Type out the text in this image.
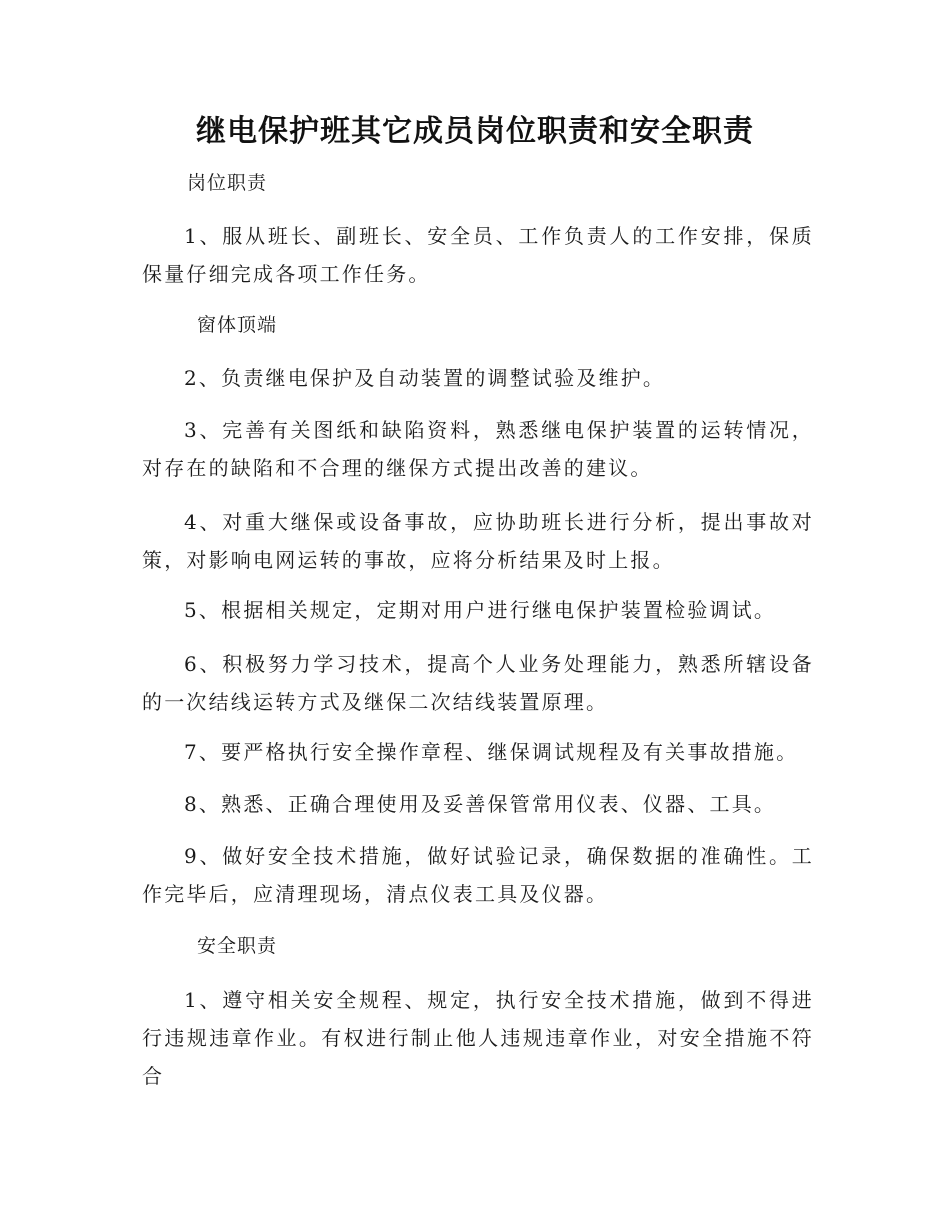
继电保护班其它成员岗位职责和安全职责
岗位职责
1、服从班长、副班长、安全员、工作负责人的工作安排，保质保量仔细完成各项工作任务。
窗体顶端
2、负责继电保护及自动装置的调整试验及维护。
3、完善有关图纸和缺陷资料，熟悉继电保护装置的运转情况，对存在的缺陷和不合理的继保方式提出改善的建议。
4、对重大继保或设备事故，应协助班长进行分析，提出事故对策，对影响电网运转的事故，应将分析结果及时上报。
5、根据相关规定，定期对用户进行继电保护装置检验调试。
6、积极努力学习技术，提高个人业务处理能力，熟悉所辖设备的一次结线运转方式及继保二次结线装置原理。
7、要严格执行安全操作章程、继保调试规程及有关事故措施。
8、熟悉、正确合理使用及妥善保管常用仪表、仪器、工具。
9、做好安全技术措施，做好试验记录，确保数据的准确性。工作完毕后，应清理现场，清点仪表工具及仪器。
安全职责
1、遵守相关安全规程、规定，执行安全技术措施，做到不得进行违规违章作业。有权进行制止他人违规违章作业，对安全措施不符合
